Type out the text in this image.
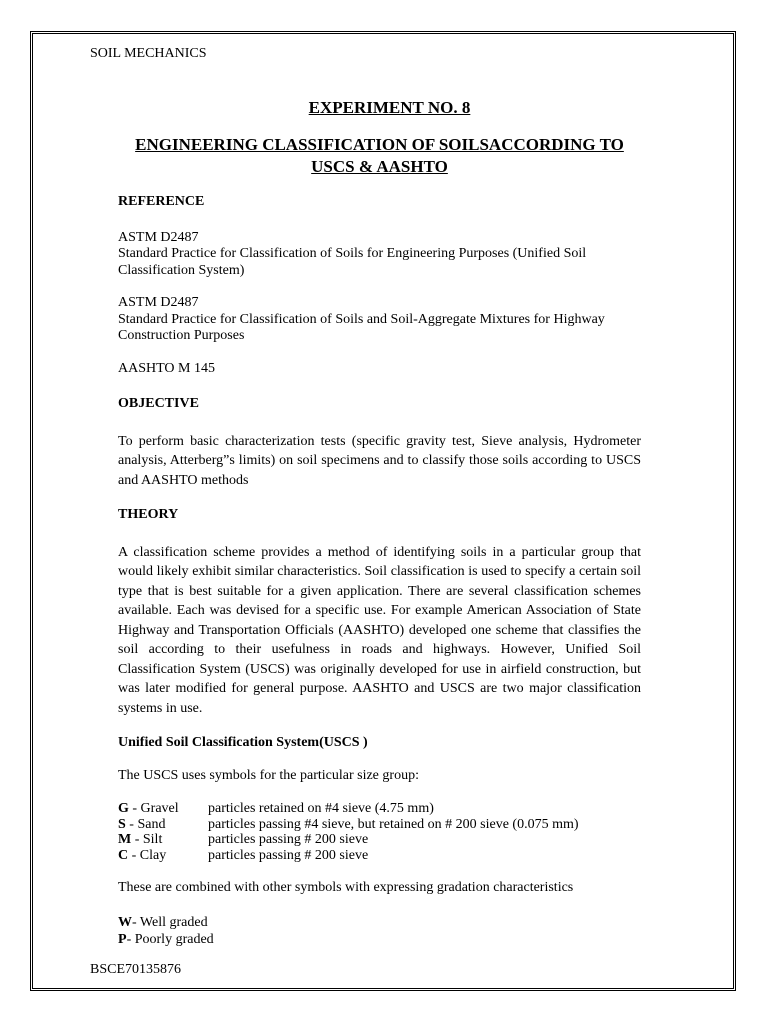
SOIL MECHANICS
EXPERIMENT NO. 8
ENGINEERING CLASSIFICATION OF SOILSACCORDING TO
USCS & AASHTO
REFERENCE
ASTM D2487
Standard Practice for Classification of Soils for Engineering Purposes (Unified Soil
Classification System)
ASTM D2487
Standard Practice for Classification of Soils and Soil-Aggregate Mixtures for Highway
Construction Purposes
AASHTO M 145
OBJECTIVE
To perform basic characterization tests (specific gravity test, Sieve analysis, Hydrometer analysis, Atterberg”s limits) on soil specimens and to classify those soils according to USCS and AASHTO methods
THEORY
A classification scheme provides a method of identifying soils in a particular group that would likely exhibit similar characteristics. Soil classification is used to specify a certain soil type that is best suitable for a given application. There are several classification schemes available. Each was devised for a specific use. For example American Association of State Highway and Transportation Officials (AASHTO) developed one scheme that classifies the soil according to their usefulness in roads and highways. However, Unified Soil Classification System (USCS) was originally developed for use in airfield construction, but was later modified for general purpose. AASHTO and USCS are two major classification systems in use.
Unified Soil Classification System(USCS )
The USCS uses symbols for the particular size group:
G - Gravel	particles retained on #4 sieve (4.75 mm)
S - Sand	particles passing #4 sieve, but retained on # 200 sieve (0.075 mm)
M - Silt	particles passing # 200 sieve
C - Clay	particles passing # 200 sieve
These are combined with other symbols with expressing gradation characteristics
W- Well graded
P- Poorly graded
BSCE70135876
